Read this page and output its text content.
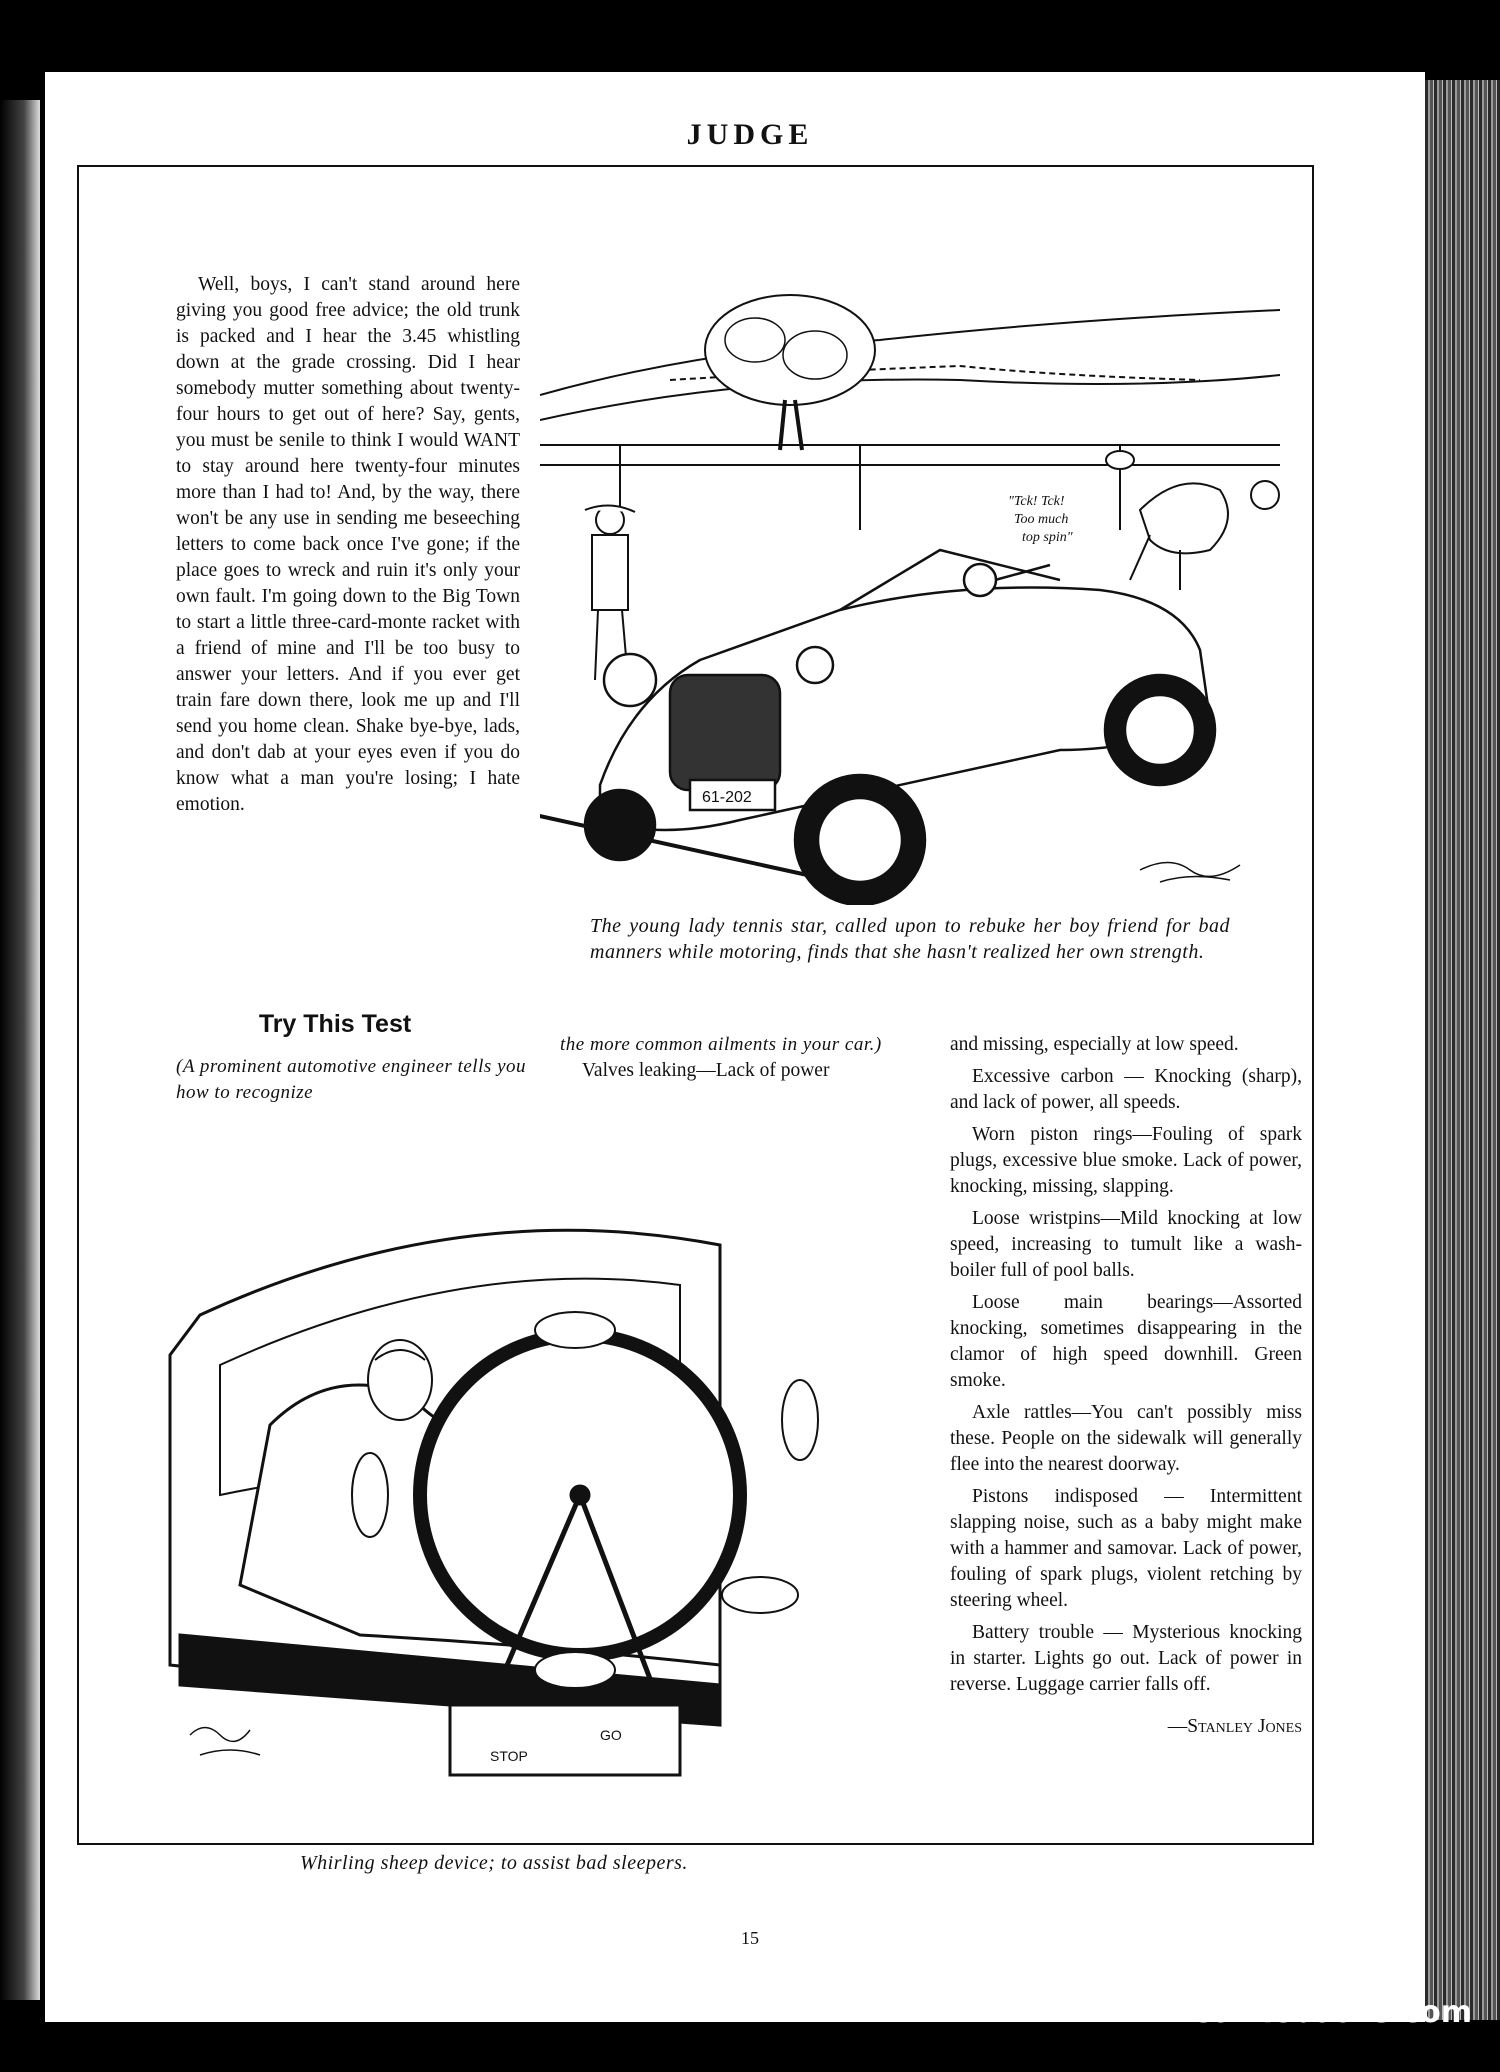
JUDGE

Well, boys, I can't stand around here giving you good free advice; the old trunk is packed and I hear the 3.45 whistling down at the grade crossing. Did I hear somebody mutter something about twenty-four hours to get out of here? Say, gents, you must be senile to think I would WANT to stay around here twenty-four minutes more than I had to! And, by the way, there won't be any use in sending me beseeching letters to come back once I've gone; if the place goes to wreck and ruin it's only your own fault. I'm going down to the Big Town to start a little three-card-monte racket with a friend of mine and I'll be too busy to answer your letters. And if you ever get train fare down there, look me up and I'll send you home clean. Shake bye-bye, lads, and don't dab at your eyes even if you do know what a man you're losing; I hate emotion.

"Tck! Tck!
Too much
top spin"
61-202
The young lady tennis star, called upon to rebuke her boy friend for bad manners while motoring, finds that she hasn't realized her own strength.
Try This Test
(A prominent automotive engineer tells you how to recognize
the more common ailments in your car.)

Valves leaking—Lack of power

and missing, especially at low speed.

Excessive carbon — Knocking (sharp), and lack of power, all speeds.

Worn piston rings—Fouling of spark plugs, excessive blue smoke. Lack of power, knocking, missing, slapping.

Loose wristpins—Mild knocking at low speed, increasing to tumult like a wash-boiler full of pool balls.

Loose main bearings—Assorted knocking, sometimes disappearing in the clamor of high speed downhill. Green smoke.

Axle rattles—You can't possibly miss these. People on the sidewalk will generally flee into the nearest doorway.

Pistons indisposed — Intermittent slapping noise, such as a baby might make with a hammer and samovar. Lack of power, fouling of spark plugs, violent retching by steering wheel.

Battery trouble — Mysterious knocking in starter. Lights go out. Lack of power in reverse. Luggage carrier falls off.

—Stanley Jones
STOP
GO
Whirling sheep device; to assist bad sleepers.
15
comicbooks.com
